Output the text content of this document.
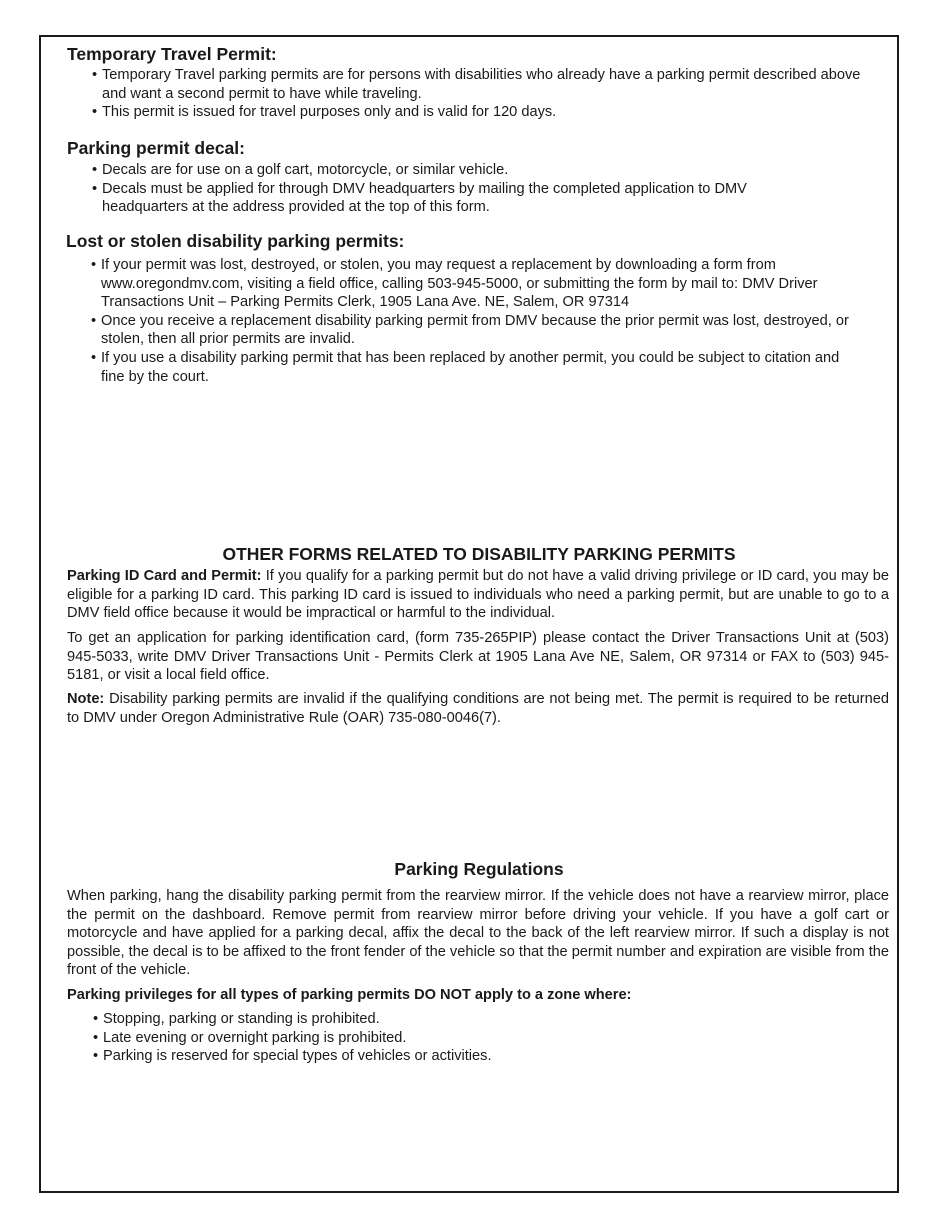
Temporary Travel Permit:
• Temporary Travel parking permits are for persons with disabilities who already have a parking permit described above and want a second permit to have while traveling.
• This permit is issued for travel purposes only and is valid for 120 days.
Parking permit decal:
• Decals are for use on a golf cart, motorcycle, or similar vehicle.
• Decals must be applied for through DMV headquarters by mailing the completed application to DMV headquarters at the address provided at the top of this form.
Lost or stolen disability parking permits:
• If your permit was lost, destroyed, or stolen, you may request a replacement by downloading a form from www.oregondmv.com, visiting a field office, calling 503-945-5000, or submitting the form by mail to: DMV Driver Transactions Unit – Parking Permits Clerk, 1905 Lana Ave. NE, Salem, OR 97314
• Once you receive a replacement disability parking permit from DMV because the prior permit was lost, destroyed, or stolen, then all prior permits are invalid.
• If you use a disability parking permit that has been replaced by another permit, you could be subject to citation and fine by the court.
OTHER FORMS RELATED TO DISABILITY PARKING PERMITS

Parking ID Card and Permit: If you qualify for a parking permit but do not have a valid driving privilege or ID card, you may be eligible for a parking ID card. This parking ID card is issued to individuals who need a parking permit, but are unable to go to a DMV field office because it would be impractical or harmful to the individual.

To get an application for parking identification card, (form 735-265PIP) please contact the Driver Transactions Unit at (503) 945-5033, write DMV Driver Transactions Unit - Permits Clerk at 1905 Lana Ave NE, Salem, OR 97314 or FAX to (503) 945-5181, or visit a local field office.

Note: Disability parking permits are invalid if the qualifying conditions are not being met. The permit is required to be returned to DMV under Oregon Administrative Rule (OAR) 735-080-0046(7).

Parking Regulations

When parking, hang the disability parking permit from the rearview mirror. If the vehicle does not have a rearview mirror, place the permit on the dashboard. Remove permit from rearview mirror before driving your vehicle. If you have a golf cart or motorcycle and have applied for a parking decal, affix the decal to the back of the left rearview mirror. If such a display is not possible, the decal is to be affixed to the front fender of the vehicle so that the permit number and expiration are visible from the front of the vehicle.

Parking privileges for all types of parking permits DO NOT apply to a zone where:

• Stopping, parking or standing is prohibited.
• Late evening or overnight parking is prohibited.
• Parking is reserved for special types of vehicles or activities.
